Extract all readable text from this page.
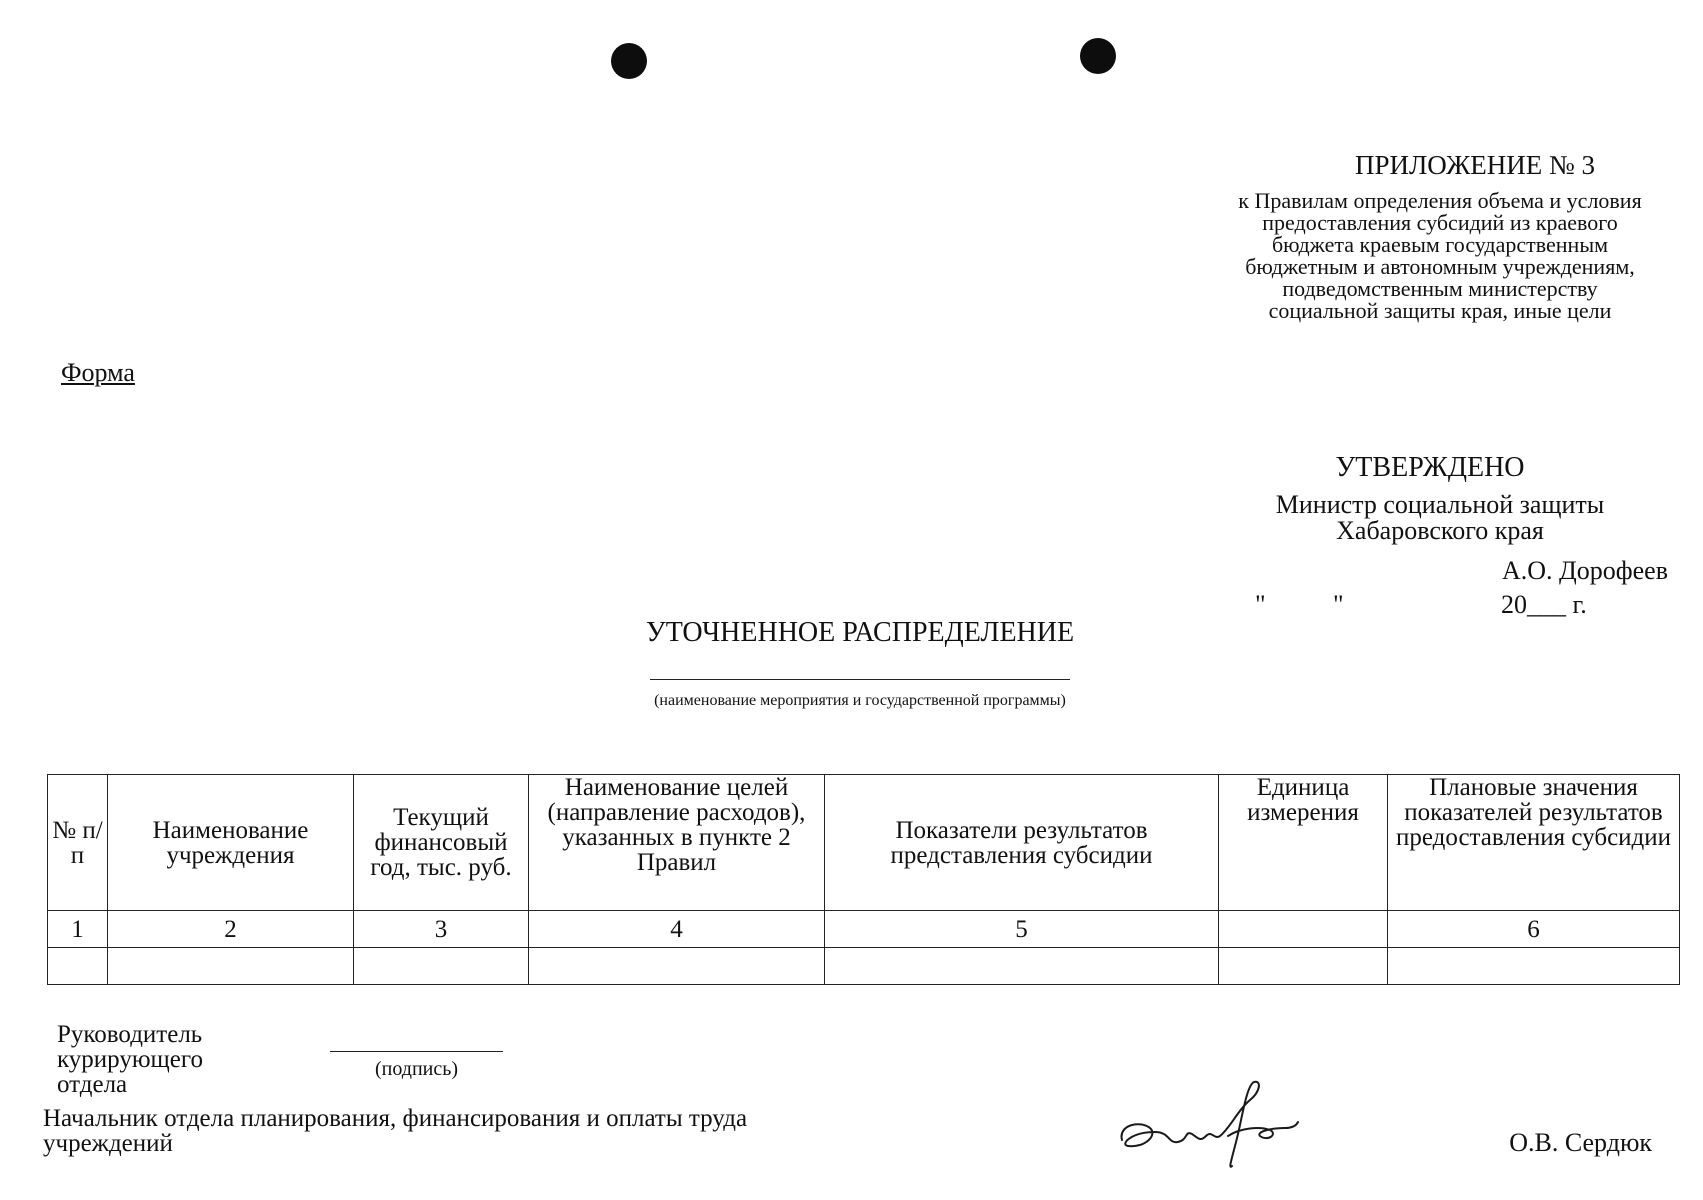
ПРИЛОЖЕНИЕ № 3
к Правилам определения объема и условия
предоставления субсидий из краевого
бюджета краевым государственным
бюджетным и автономным учреждениям,
подведомственным министерству
социальной защиты края, иные цели
Форма
УТВЕРЖДЕНО
Министр социальной защиты
Хабаровского края
А.О. Дорофеев
"	"	20___ г.
УТОЧНЕННОЕ РАСПРЕДЕЛЕНИЕ
(наименование мероприятия и государственной программы)
№ п/п	Наименование учреждения	Текущий финансовый год, тыс. руб.	Наименование целей (направление расходов), указанных в пункте 2 Правил	Показатели результатов представления субсидии	Единица измерения	Плановые значения показателей результатов предоставления субсидии
1	2	3	4	5		6

Руководитель
курирующего
отдела
(подпись)
Начальник отдела планирования, финансирования и оплаты труда
учреждений	О.В. Сердюк
